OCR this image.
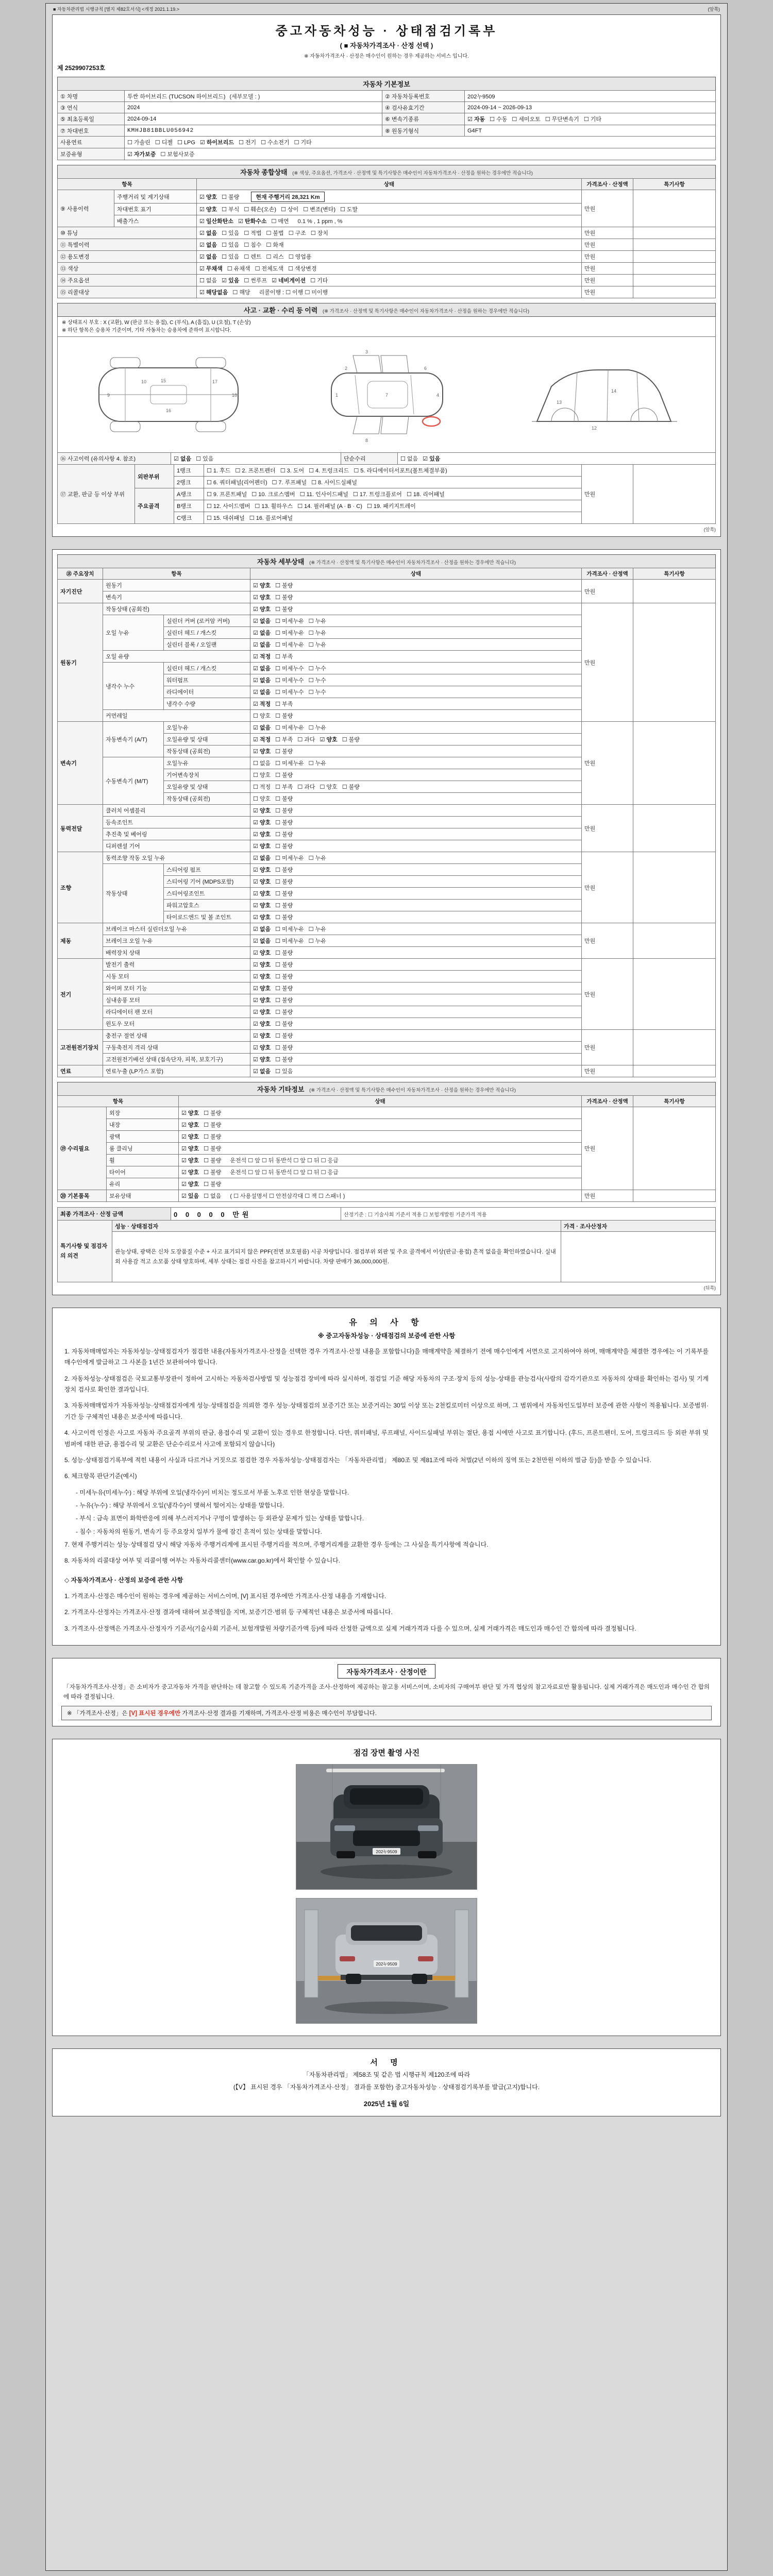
■ 자동차관리법 시행규칙 [별지 제82호서식] <개정 2021.1.19.>	(앞쪽)
중고자동차성능 · 상태점검기록부
( ■ 자동차가격조사 · 산정 선택 )
※ 자동차가격조사 · 산정은 매수인이 원하는 경우 제공하는 서비스 입니다.
제 2529907253호
자동차 기본정보
① 차명	투싼 하이브리드 (TUCSON 하이브리드) (세부모델 : )	② 자동차등록번호	202누9509
③ 연식	2024	④ 검사유효기간	2024-09-14 ~ 2026-09-13
⑤ 최초등록일	2024-09-14	⑥ 변속기종류	☑ 자동 ☐ 수동 ☐ 세미오토 ☐ 무단변속기 ☐ 기타
⑦ 차대번호	KMHJB81BBLU056942	⑧ 원동기형식	G4FT
사용연료	☐ 가솔린 ☐ 디젤 ☐ LPG ☑ 하이브리드 ☐ 전기 ☐ 수소전기 ☐ 기타		
보증유형	☑ 자가보증 ☐ 보험사보증		
자동차 종합상태 (※ 색상, 주요옵션, 가격조사 · 산정액 및 특기사항은 매수인이 자동차가격조사 · 산정을 원하는 경우에만 적습니다)
항목		상태	가격조사 · 산정액	특기사항
⑨ 사용이력	주행거리 및 계기상태	☑ 양호 ☐ 불량 현재 주행거리 28,321 Km	만원	
	차대번호 표기	☑ 양호 ☐ 부식 ☐ 훼손(오손) ☐ 상이 ☐ 변조(변타) ☐ 도말		
	배출가스	☑ 일산화탄소 ☑ 탄화수소 ☐ 매연 0.1 % , 1 ppm , %		
⑩ 튜닝		☑ 없음 ☐ 있음 ☐ 적법 ☐ 불법 ☐ 구조 ☐ 장치	만원	
⑪ 특별이력		☑ 없음 ☐ 있음 ☐ 침수 ☐ 화재	만원	
⑫ 용도변경		☑ 없음 ☐ 있음 ☐ 렌트 ☐ 리스 ☐ 영업용	만원	
⑬ 색상		☑ 무채색 ☐ 유채색 ☐ 전체도색 ☐ 색상변경	만원	
⑭ 주요옵션		☐ 없음 ☑ 있음 ☐ 썬루프 ☑ 네비게이션 ☐ 기타	만원	
⑮ 리콜대상		☑ 해당없음 ☐ 해당 리콜이행 : ☐ 이행 ☐ 미이행	만원	
사고 · 교환 · 수리 등 이력 (※ 가격조사 · 산정액 및 특기사항은 매수인이 자동차가격조사 · 산정을 원하는 경우에만 적습니다)
※ 상태표시 부호 : X (교환), W (판금 또는 용접), C (부식), A (흠집), U (요철), T (손상)
※ 하단 항목은 승용차 기준이며, 기타 자동차는 승용차에 준하여 표시합니다.
9
10	15
16
17
18	1	7	4
2	6
3
8
12
13
14
⑯ 사고이력 (유의사항 4. 참조)	☑ 없음 ☐ 있음	단순수리	☐ 없음 ☑ 있음
⑰ 교환, 판금 등 이상 부위	외판부위	1랭크	☐ 1. 후드 ☐ 2. 프론트펜더 ☐ 3. 도어 ☐ 4. 트렁크리드 ☐ 5. 라디에이터서포트(볼트체결부품)	만원	
		2랭크	☐ 6. 쿼터패널(리어펜더) ☐ 7. 루프패널 ☐ 8. 사이드실패널		
	주요골격	A랭크	☐ 9. 프론트패널 ☐ 10. 크로스멤버 ☐ 11. 인사이드패널 ☐ 17. 트렁크플로어 ☐ 18. 리어패널		
		B랭크	☐ 12. 사이드멤버 ☐ 13. 휠하우스 ☐ 14. 필러패널 (A · B · C) ☐ 19. 패키지트레이		
		C랭크	☐ 15. 대쉬패널 ☐ 16. 플로어패널		
(앞쪽)
자동차 세부상태 (※ 가격조사 · 산정액 및 특기사항은 매수인이 자동차가격조사 · 산정을 원하는 경우에만 적습니다)
⑱ 주요장치	항목		상태	가격조사 · 산정액	특기사항
자기진단	원동기		☑ 양호 ☐ 불량	만원	
	변속기		☑ 양호 ☐ 불량		
원동기	작동상태 (공회전)		☑ 양호 ☐ 불량	만원	
	오일 누유	실린더 커버 (로커암 커버)	☑ 없음 ☐ 미세누유 ☐ 누유		
		실린더 헤드 / 개스킷	☑ 없음 ☐ 미세누유 ☐ 누유		
		실린더 블록 / 오일팬	☑ 없음 ☐ 미세누유 ☐ 누유		
	오일 유량		☑ 적정 ☐ 부족		
	냉각수 누수	실린더 헤드 / 개스킷	☑ 없음 ☐ 미세누수 ☐ 누수		
		워터펌프	☑ 없음 ☐ 미세누수 ☐ 누수		
		라디에이터	☑ 없음 ☐ 미세누수 ☐ 누수		
		냉각수 수량	☑ 적정 ☐ 부족		
	커먼레일		☐ 양호 ☐ 불량		
변속기	자동변속기 (A/T)	오일누유	☑ 없음 ☐ 미세누유 ☐ 누유	만원	
		오일유량 및 상태	☑ 적정 ☐ 부족 ☐ 과다 ☑ 양호 ☐ 불량		
		작동상태 (공회전)	☑ 양호 ☐ 불량		
	수동변속기 (M/T)	오일누유	☐ 없음 ☐ 미세누유 ☐ 누유		
		기어변속장치	☐ 양호 ☐ 불량		
		오일유량 및 상태	☐ 적정 ☐ 부족 ☐ 과다 ☐ 양호 ☐ 불량		
		작동상태 (공회전)	☐ 양호 ☐ 불량		
동력전달	클러치 어셈블리		☑ 양호 ☐ 불량	만원	
	등속조인트		☑ 양호 ☐ 불량		
	추진축 및 베어링		☑ 양호 ☐ 불량		
	디퍼렌셜 기어		☑ 양호 ☐ 불량		
조향	동력조향 작동 오일 누유		☑ 없음 ☐ 미세누유 ☐ 누유	만원	
	작동상태	스티어링 펌프	☑ 양호 ☐ 불량		
		스티어링 기어 (MDPS포함)	☑ 양호 ☐ 불량		
		스티어링조인트	☑ 양호 ☐ 불량		
		파워고압호스	☑ 양호 ☐ 불량		
		타이로드엔드 및 볼 조인트	☑ 양호 ☐ 불량		
제동	브레이크 마스터 실린더오일 누유		☑ 없음 ☐ 미세누유 ☐ 누유	만원	
	브레이크 오일 누유		☑ 없음 ☐ 미세누유 ☐ 누유		
	배력장치 상태		☑ 양호 ☐ 불량		
전기	발전기 출력		☑ 양호 ☐ 불량	만원	
	시동 모터		☑ 양호 ☐ 불량		
	와이퍼 모터 기능		☑ 양호 ☐ 불량		
	실내송풍 모터		☑ 양호 ☐ 불량		
	라디에이터 팬 모터		☑ 양호 ☐ 불량		
	윈도우 모터		☑ 양호 ☐ 불량		
고전원전기장치	충전구 절연 상태		☑ 양호 ☐ 불량	만원	
	구동축전지 격리 상태		☑ 양호 ☐ 불량		
	고전원전기배선 상태 (접속단자, 피복, 보호기구)		☑ 양호 ☐ 불량		
연료	연료누출 (LP가스 포함)		☑ 없음 ☐ 있음	만원	
자동차 기타정보 (※ 가격조사 · 산정액 및 특기사항은 매수인이 자동차가격조사 · 산정을 원하는 경우에만 적습니다)
항목		상태	가격조사 · 산정액	특기사항
⑲ 수리필요	외장	☑ 양호 ☐ 불량	만원	
	내장	☑ 양호 ☐ 불량		
	광택	☑ 양호 ☐ 불량		
	룸 클리닝	☑ 양호 ☐ 불량		
	휠	☑ 양호 ☐ 불량 운전석 ☐ 앞 ☐ 뒤 동반석 ☐ 앞 ☐ 뒤 ☐ 응급		
	타이어	☑ 양호 ☐ 불량 운전석 ☐ 앞 ☐ 뒤 동반석 ☐ 앞 ☐ 뒤 ☐ 응급		
	유리	☑ 양호 ☐ 불량		
⑳ 기본품목	보유상태	☑ 있음 ☐ 없음 ( ☐ 사용설명서 ☐ 안전삼각대 ☐ 잭 ☐ 스패너 )	만원	
최종 가격조사 · 산정 금액	0 0 0 0 0 만원	산정기준 : ☐ 기술사회 기준서 적용 ☐ 보험개발원 기준가격 적용
특기사항 및 점검자의 의견	성능 · 상태점검자	가격 · 조사산정자
	관능상태, 광택은 신차 도장품질 수준 + 사고 표기되지 않은 PPF(전면 보호필름) 시공 차량입니다. 점검부위 외판 및 주요 골격에서 이상(판금·용접) 흔적 없음을 확인하였습니다. 실내외 사용감 적고 소모품 상태 양호하며, 세부 상태는 점검 사진을 참고하시기 바랍니다. 차량 판매가 36,000,000원.	
(뒤쪽)
유 의 사 항
※ 중고자동차성능 · 상태점검의 보증에 관한 사항
1. 자동차매매업자는 자동차성능·상태점검자가 점검한 내용(자동차가격조사·산정을 선택한 경우 가격조사·산정 내용을 포함합니다)을 매매계약을 체결하기 전에 매수인에게 서면으로 고지하여야 하며, 매매계약을 체결한 경우에는 이 기록부를 매수인에게 발급하고 그 사본을 1년간 보관하여야 합니다.
2. 자동차성능·상태점검은 국토교통부장관이 정하여 고시하는 자동차검사방법 및 성능점검 장비에 따라 실시하며, 점검일 기준 해당 자동차의 구조·장치 등의 성능·상태를 관능검사(사람의 감각기관으로 자동차의 상태를 확인하는 검사) 및 기계장치 검사로 확인한 결과입니다.
3. 자동차매매업자가 자동차성능·상태점검자에게 성능·상태점검을 의뢰한 경우 성능·상태점검의 보증기간 또는 보증거리는 30일 이상 또는 2천킬로미터 이상으로 하며, 그 범위에서 자동차인도일부터 보증에 관한 사항이 적용됩니다. 보증범위·기간 등 구체적인 내용은 보증서에 따릅니다.
4. 사고이력 인정은 사고로 자동차 주요골격 부위의 판금, 용접수리 및 교환이 있는 경우로 한정합니다. 다만, 쿼터패널, 루프패널, 사이드실패널 부위는 절단, 용접 시에만 사고로 표기합니다. (후드, 프론트펜더, 도어, 트렁크리드 등 외판 부위 및 범퍼에 대한 판금, 용접수리 및 교환은 단순수리로서 사고에 포함되지 않습니다)
5. 성능·상태점검기록부에 적힌 내용이 사실과 다르거나 거짓으로 점검한 경우 자동차성능·상태점검자는 「자동차관리법」 제80조 및 제81조에 따라 처벌(2년 이하의 징역 또는 2천만원 이하의 벌금 등)을 받을 수 있습니다.
6. 체크항목 판단기준(예시)
- 미세누유(미세누수) : 해당 부위에 오일(냉각수)이 비치는 정도로서 부품 노후로 인한 현상을 말합니다.
- 누유(누수) : 해당 부위에서 오일(냉각수)이 맺혀서 떨어지는 상태를 말합니다.
- 부식 : 금속 표면이 화학반응에 의해 부스러지거나 구멍이 발생하는 등 외관상 문제가 있는 상태를 말합니다.
- 침수 : 자동차의 원동기, 변속기 등 주요장치 일부가 물에 잠긴 흔적이 있는 상태를 말합니다.
7. 현재 주행거리는 성능·상태점검 당시 해당 자동차 주행거리계에 표시된 주행거리를 적으며, 주행거리계를 교환한 경우 등에는 그 사실을 특기사항에 적습니다.
8. 자동차의 리콜대상 여부 및 리콜이행 여부는 자동차리콜센터(www.car.go.kr)에서 확인할 수 있습니다.
◇ 자동차가격조사 · 산정의 보증에 관한 사항
1. 가격조사·산정은 매수인이 원하는 경우에 제공하는 서비스이며, [V] 표시된 경우에만 가격조사·산정 내용을 기재합니다.
2. 가격조사·산정자는 가격조사·산정 결과에 대하여 보증책임을 지며, 보증기간·범위 등 구체적인 내용은 보증서에 따릅니다.
3. 가격조사·산정액은 가격조사·산정자가 기준서(기술사회 기준서, 보험개발원 차량기준가액 등)에 따라 산정한 금액으로 실제 거래가격과 다를 수 있으며, 실제 거래가격은 매도인과 매수인 간 합의에 따라 결정됩니다.
자동차가격조사 · 산정이란
「자동차가격조사·산정」은 소비자가 중고자동차 가격을 판단하는 데 참고할 수 있도록 기준가격을 조사·산정하여 제공하는 참고용 서비스이며, 소비자의 구매여부 판단 및 가격 협상의 참고자료로만 활용됩니다. 실제 거래가격은 매도인과 매수인 간 합의에 따라 결정됩니다.
※ 「가격조사·산정」은 [V] 표시된 경우에만 가격조사·산정 결과를 기재하며, 가격조사·산정 비용은 매수인이 부담합니다.
점검 장면 촬영 사진
202누9509
202누9509
서 명
「자동차관리법」 제58조 및 같은 법 시행규칙 제120조에 따라
(【V】 표시된 경우 「자동차가격조사·산정」 결과를 포함한) 중고자동차성능 · 상태점검기록부를 발급(고지)합니다.
2025년 1월 6일
